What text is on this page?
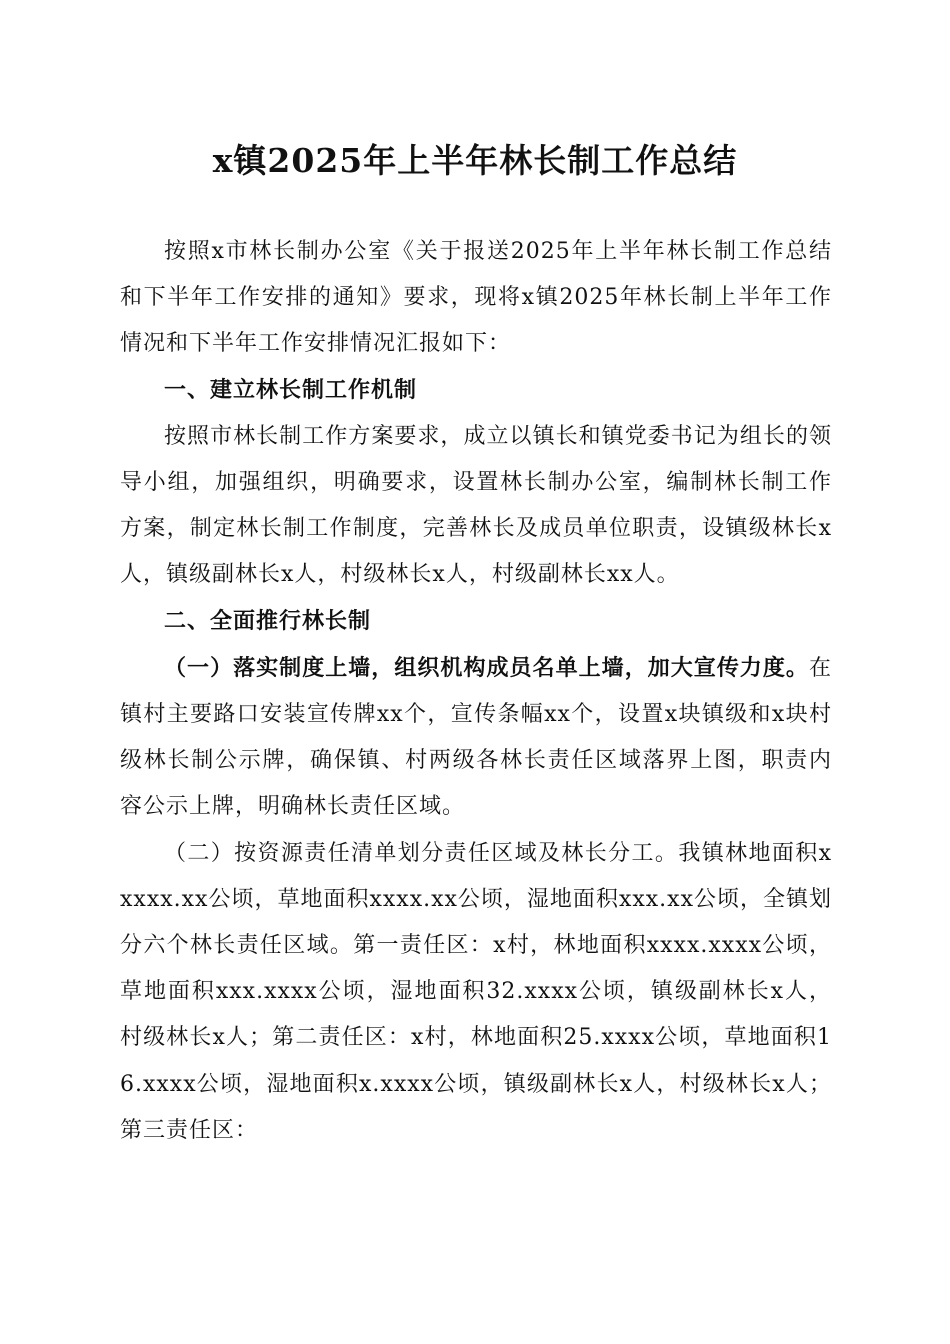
x镇2025年上半年林长制工作总结

按照x市林长制办公室《关于报送2025年上半年林长制工作总结和下半年工作安排的通知》要求，现将x镇2025年林长制上半年工作情况和下半年工作安排情况汇报如下：

一、建立林长制工作机制

按照市林长制工作方案要求，成立以镇长和镇党委书记为组长的领导小组，加强组织，明确要求，设置林长制办公室，编制林长制工作方案，制定林长制工作制度，完善林长及成员单位职责，设镇级林长x人，镇级副林长x人，村级林长x人，村级副林长xx人。

二、全面推行林长制

（一）落实制度上墙，组织机构成员名单上墙，加大宣传力度。在镇村主要路口安装宣传牌xx个，宣传条幅xx个，设置x块镇级和x块村级林长制公示牌，确保镇、村两级各林长责任区域落界上图，职责内容公示上牌，明确林长责任区域。

（二）按资源责任清单划分责任区域及林长分工。我镇林地面积xxxxx.xx公顷，草地面积xxxx.xx公顷，湿地面积xxx.xx公顷，全镇划分六个林长责任区域。第一责任区：x村，林地面积xxxx.xxxx公顷，草地面积xxx.xxxx公顷，湿地面积32.xxxx公顷，镇级副林长x人，村级林长x人；第二责任区：x村，林地面积25.xxxx公顷，草地面积16.xxxx公顷，湿地面积x.xxxx公顷，镇级副林长x人，村级林长x人；第三责任区：
